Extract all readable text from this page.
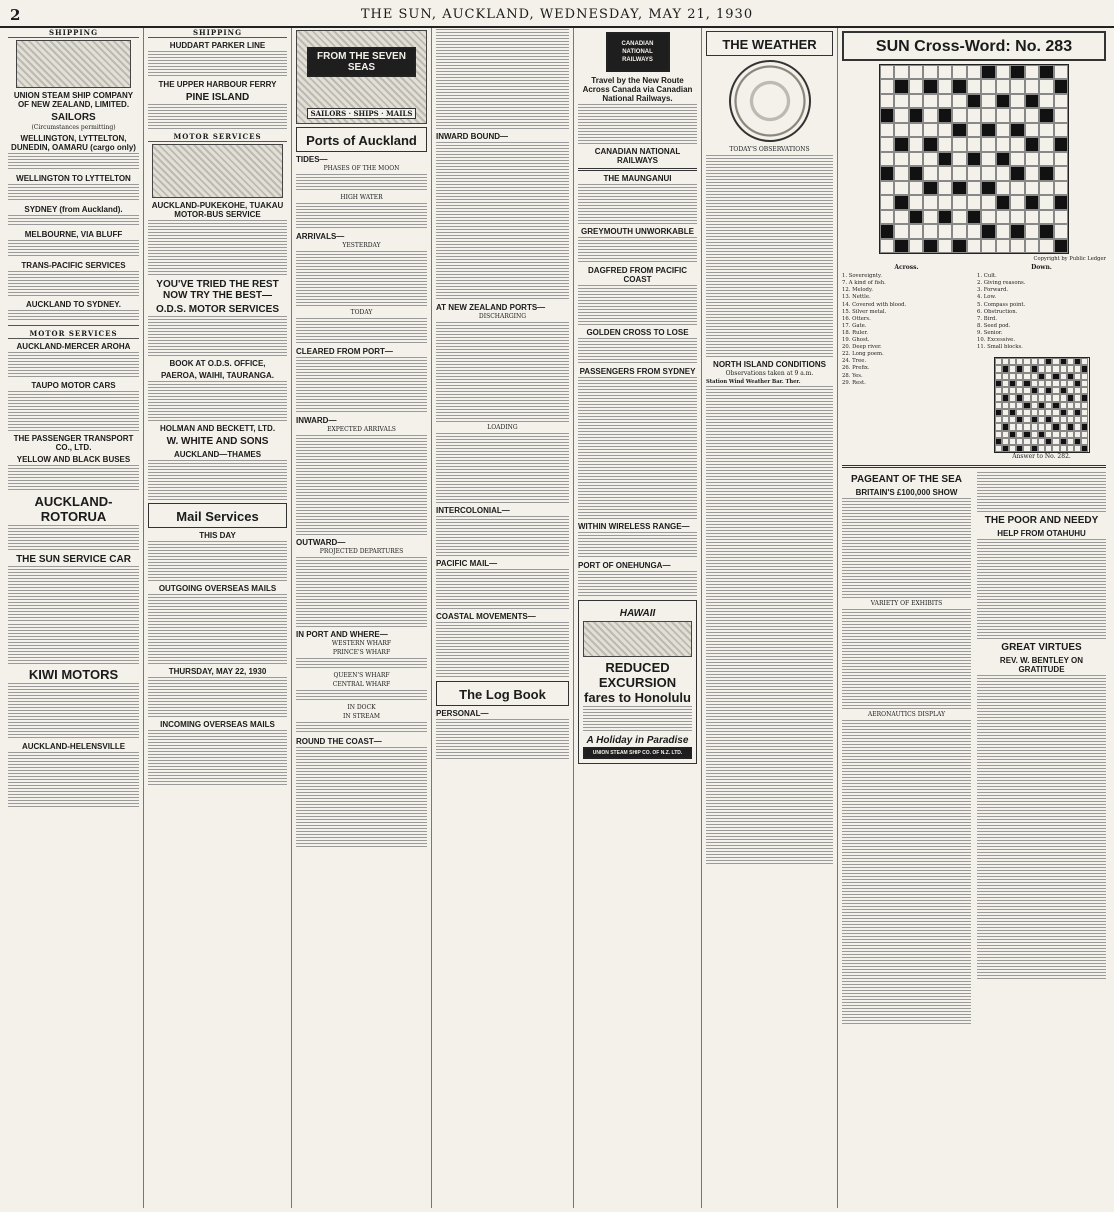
2	THE SUN, AUCKLAND, WEDNESDAY, MAY 21, 1930
SHIPPING
UNION STEAM SHIP COMPANY OF NEW ZEALAND, LIMITED.
SAILORS
(Circumstances permitting)
WELLINGTON, LYTTELTON, DUNEDIN, OAMARU (cargo only)
WELLINGTON TO LYTTELTON
SYDNEY (from Auckland).
MELBOURNE, VIA BLUFF
TRANS-PACIFIC SERVICES
AUCKLAND TO SYDNEY.
MOTOR SERVICES
AUCKLAND-MERCER AROHA
TAUPO MOTOR CARS
THE PASSENGER TRANSPORT CO., LTD.
YELLOW AND BLACK BUSES
AUCKLAND-ROTORUA
THE SUN SERVICE CAR
KIWI MOTORS
AUCKLAND-HELENSVILLE
SHIPPING
HUDDART PARKER LINE
THE UPPER HARBOUR FERRY
PINE ISLAND
MOTOR SERVICES
AUCKLAND-PUKEKOHE, TUAKAU MOTOR-BUS SERVICE
YOU'VE TRIED THE REST NOW TRY THE BEST—
O.D.S. MOTOR SERVICES
BOOK AT O.D.S. OFFICE,
PAEROA, WAIHI, TAURANGA.
HOLMAN AND BECKETT, LTD.
W. WHITE AND SONS
AUCKLAND—THAMES
Mail Services
THIS DAY
OUTGOING OVERSEAS MAILS
THURSDAY, MAY 22, 1930
INCOMING OVERSEAS MAILS
FROM THE SEVEN SEAS
SAILORS · SHIPS · MAILS
Ports of Auckland
TIDES—
PHASES OF THE MOON
HIGH WATER
ARRIVALS—
YESTERDAY
TODAY
CLEARED FROM PORT—
INWARD—
EXPECTED ARRIVALS
OUTWARD—
PROJECTED DEPARTURES
IN PORT AND WHERE—
WESTERN WHARF
PRINCE'S WHARF
QUEEN'S WHARF
CENTRAL WHARF
IN DOCK
IN STREAM
ROUND THE COAST—
INWARD BOUND—
AT NEW ZEALAND PORTS—
DISCHARGING
LOADING
INTERCOLONIAL—
PACIFIC MAIL—
COASTAL MOVEMENTS—
The Log Book
PERSONAL—
CANADIAN NATIONAL RAILWAYS
Travel by the New Route Across Canada via Canadian National Railways.
CANADIAN NATIONAL RAILWAYS
THE MAUNGANUI
GREYMOUTH UNWORKABLE
DAGFRED FROM PACIFIC COAST
GOLDEN CROSS TO LOSE
PASSENGERS FROM SYDNEY
WITHIN WIRELESS RANGE—
PORT OF ONEHUNGA—
HAWAII
REDUCED EXCURSION fares to Honolulu
A Holiday in Paradise
UNION STEAM SHIP CO. OF N.Z. LTD.
THE WEATHER
TODAY'S OBSERVATIONS
NORTH ISLAND CONDITIONS
Observations taken at 9 a.m.
Station Wind Weather Bar. Ther.
SUN Cross-Word: No. 283
Copyright by Public Ledger
Across.
1. Sovereignty.
7. A kind of fish.
12. Melody.
13. Nettle.
14. Covered with blood.
15. Silver metal.
16. Otters.
17. Gate.
18. Ruler.
19. Ghost.
20. Deep river.
22. Long poem.
24. Tree.
26. Prefix.
28. Yes.
29. Rest.
Down.
1. Cult.
2. Giving reasons.
3. Forward.
4. Low.
5. Compass point.
6. Obstruction.
7. Bird.
8. Seed pod.
9. Senior.
10. Excessive.
11. Small blocks.
Answer to No. 282.
PAGEANT OF THE SEA
BRITAIN'S £100,000 SHOW
VARIETY OF EXHIBITS
AERONAUTICS DISPLAY
THE POOR AND NEEDY
HELP FROM OTAHUHU
GREAT VIRTUES
REV. W. BENTLEY ON GRATITUDE
